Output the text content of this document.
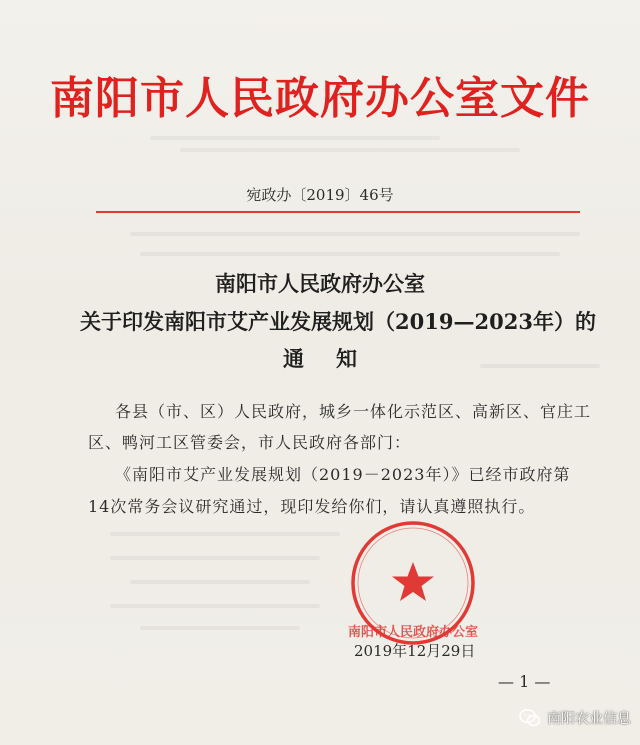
南阳市人民政府办公室文件
宛政办〔2019〕46号
南阳市人民政府办公室
关于印发南阳市艾产业发展规划（2019—2023年）的
通知
各县（市、区）人民政府，城乡一体化示范区、高新区、官庄工
区、鸭河工区管委会，市人民政府各部门：
《南阳市艾产业发展规划（2019－2023年）》已经市政府第
14次常务会议研究通过，现印发给你们，请认真遵照执行。
南阳市人民政府办公室
2019年12月29日
— 1 —
南阳农业信息
